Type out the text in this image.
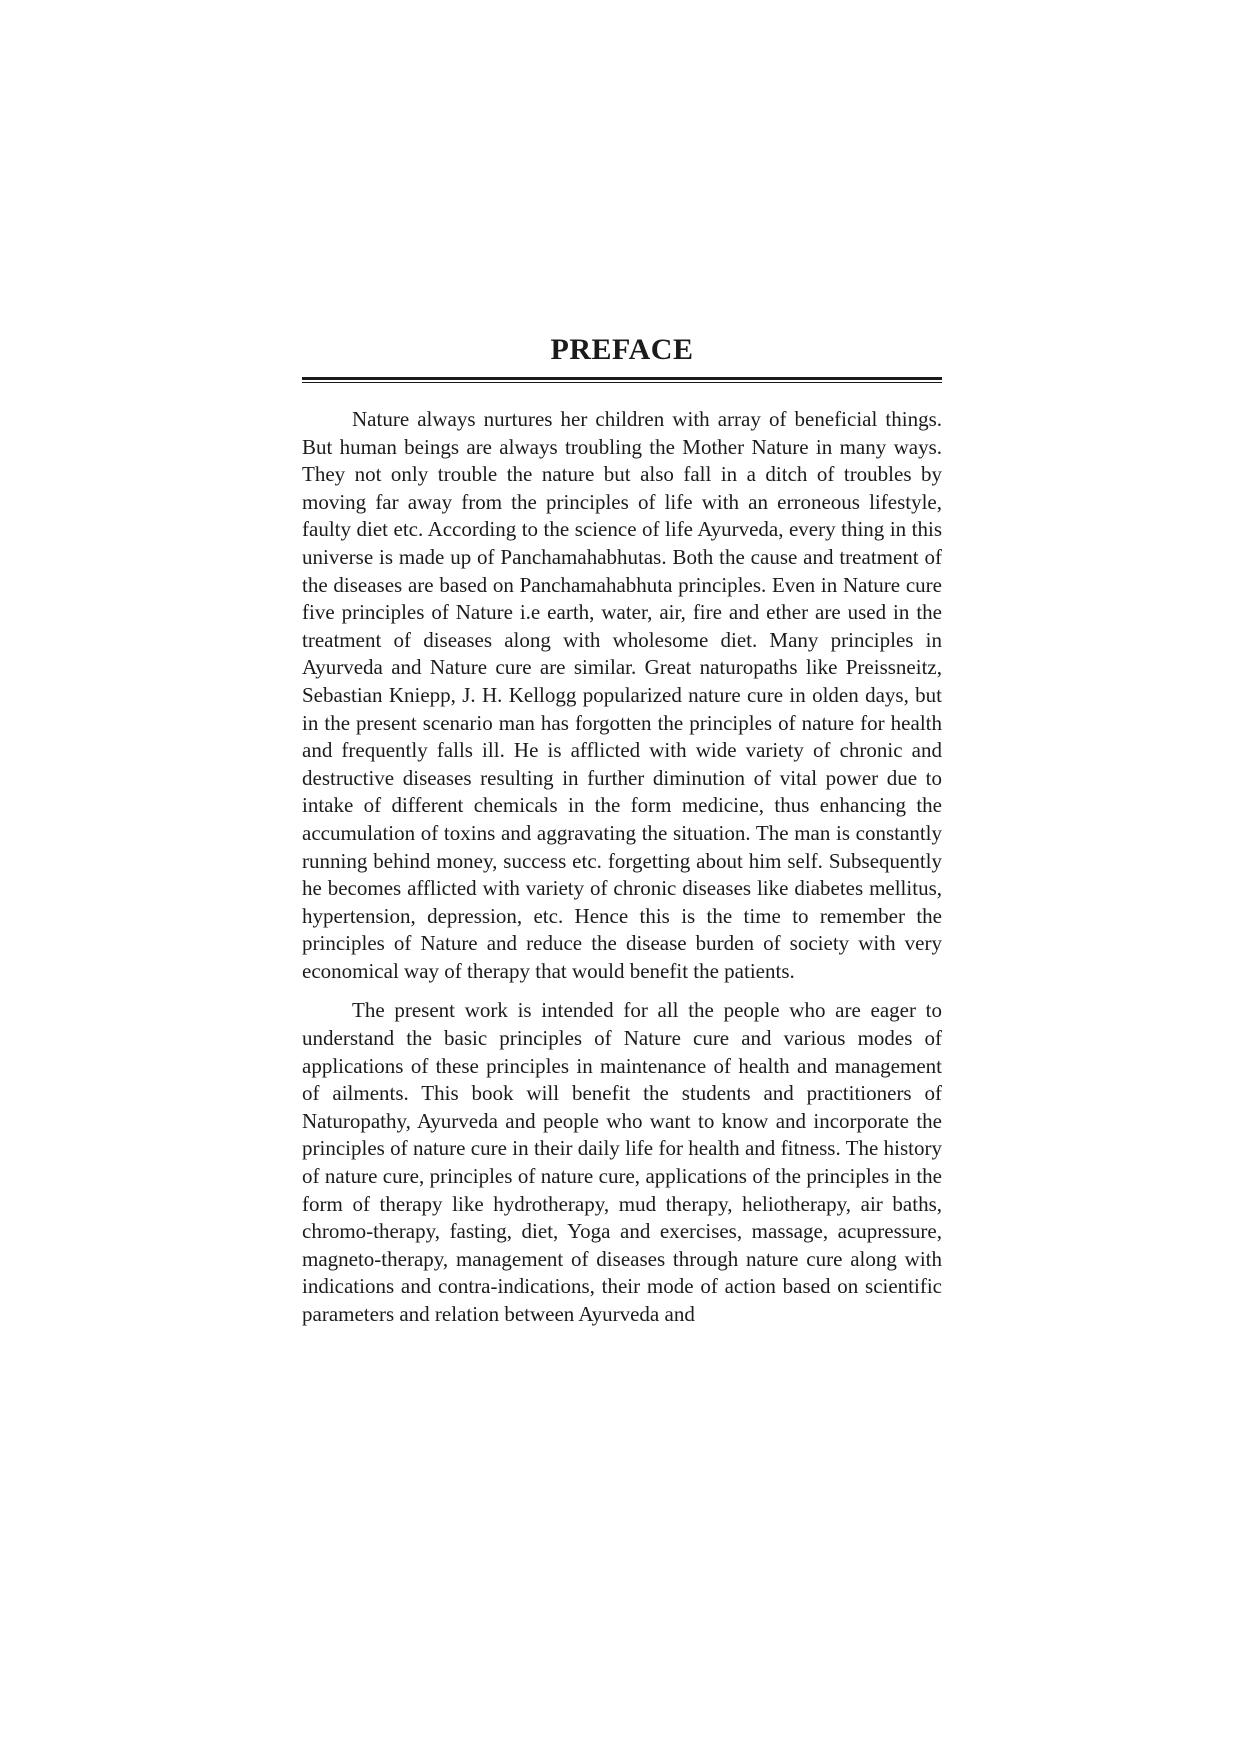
PREFACE

Nature always nurtures her children with array of beneficial things. But human beings are always troubling the Mother Nature in many ways. They not only trouble the nature but also fall in a ditch of troubles by moving far away from the principles of life with an erroneous lifestyle, faulty diet etc. According to the science of life Ayurveda, every thing in this universe is made up of Panchamahabhutas. Both the cause and treatment of the diseases are based on Panchamahabhuta principles. Even in Nature cure five principles of Nature i.e earth, water, air, fire and ether are used in the treatment of diseases along with wholesome diet. Many principles in Ayurveda and Nature cure are similar. Great naturopaths like Preissneitz, Sebastian Kniepp, J. H. Kellogg popularized nature cure in olden days, but in the present scenario man has forgotten the principles of nature for health and frequently falls ill. He is afflicted with wide variety of chronic and destructive diseases resulting in further diminution of vital power due to intake of different chemicals in the form medicine, thus enhancing the accumulation of toxins and aggravating the situation. The man is constantly running behind money, success etc. forgetting about him self. Subsequently he becomes afflicted with variety of chronic diseases like diabetes mellitus, hypertension, depression, etc. Hence this is the time to remember the principles of Nature and reduce the disease burden of society with very economical way of therapy that would benefit the patients.

The present work is intended for all the people who are eager to understand the basic principles of Nature cure and various modes of applications of these principles in maintenance of health and management of ailments. This book will benefit the students and practitioners of Naturopathy, Ayurveda and people who want to know and incorporate the principles of nature cure in their daily life for health and fitness. The history of nature cure, principles of nature cure, applications of the principles in the form of therapy like hydrotherapy, mud therapy, heliotherapy, air baths, chromo-therapy, fasting, diet, Yoga and exercises, massage, acupressure, magneto-therapy, management of diseases through nature cure along with indications and contra-indications, their mode of action based on scientific parameters and relation between Ayurveda and
